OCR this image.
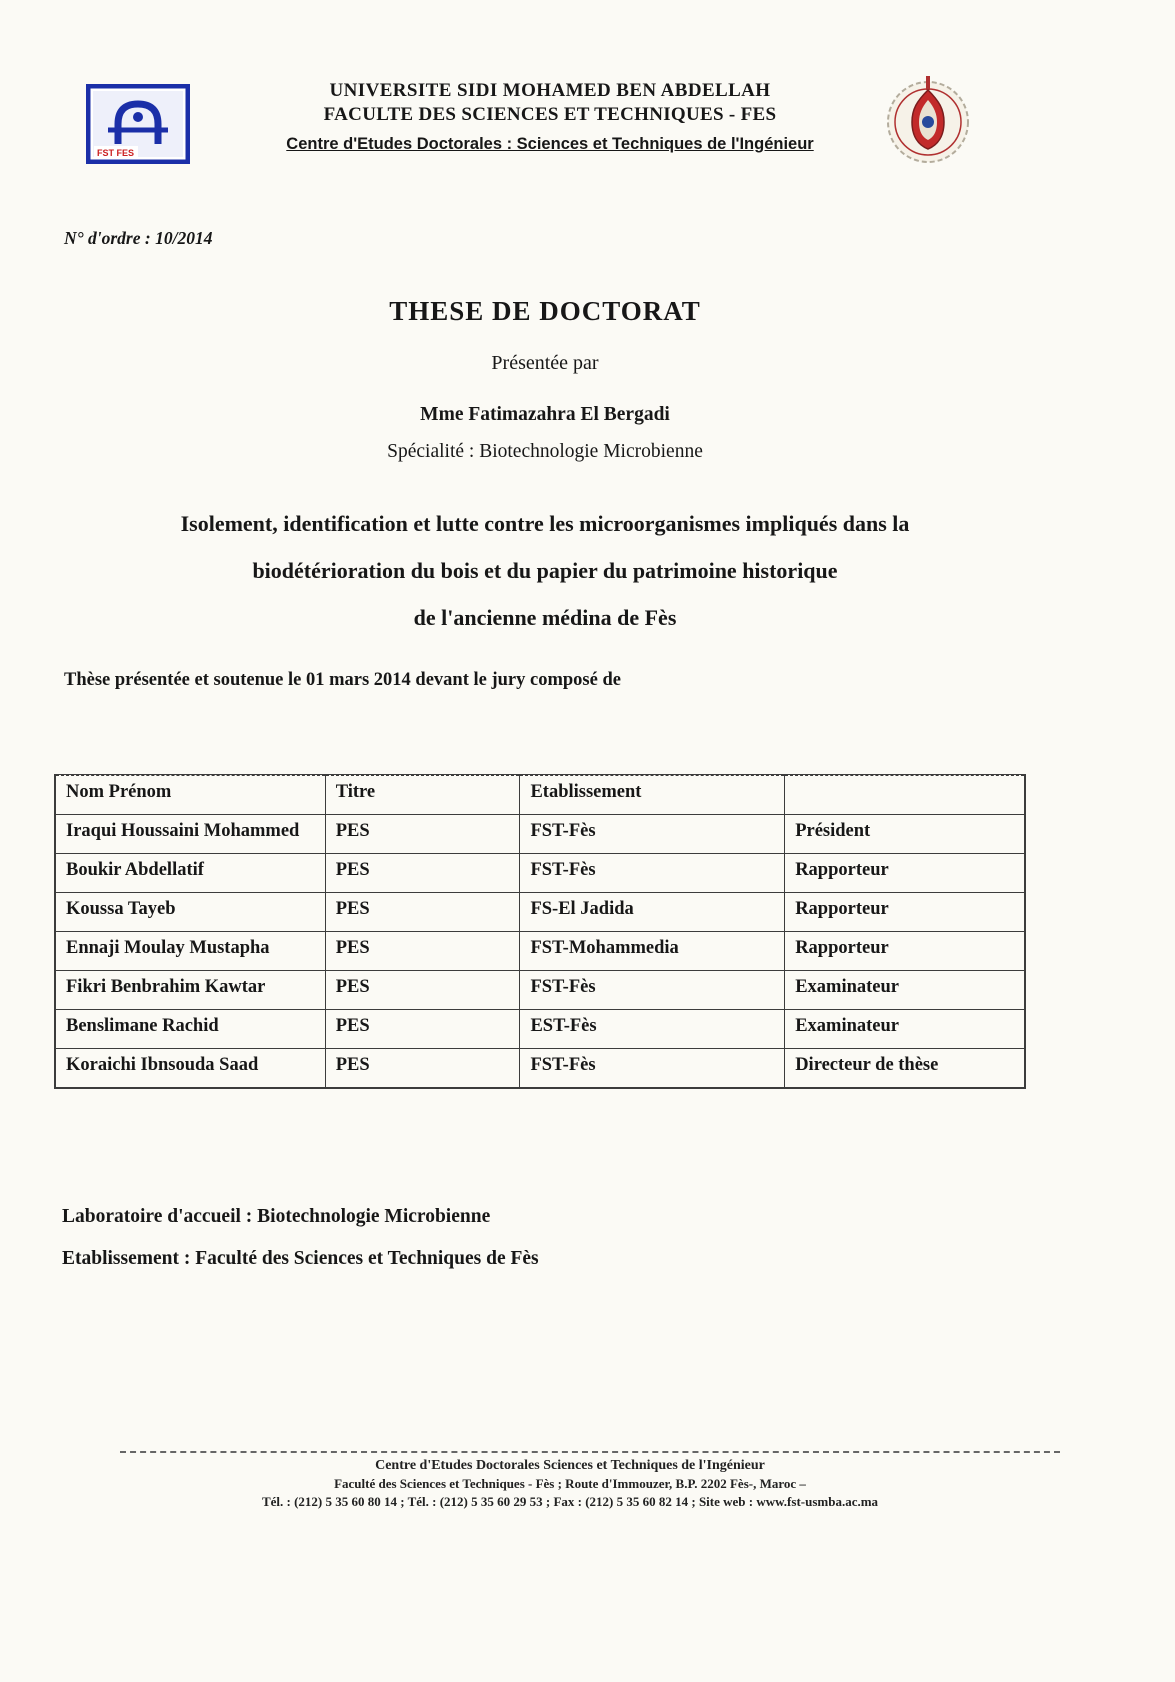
FST FES
UNIVERSITE SIDI MOHAMED BEN ABDELLAH
FACULTE DES SCIENCES ET TECHNIQUES - FES
Centre d'Etudes Doctorales : Sciences et Techniques de l'Ingénieur
N° d'ordre : 10/2014
THESE DE DOCTORAT
Présentée par
Mme Fatimazahra El Bergadi
Spécialité : Biotechnologie Microbienne
Isolement, identification et lutte contre les microorganismes impliqués dans la
biodétérioration du bois et du papier du patrimoine historique
de l'ancienne médina de Fès
Thèse présentée et soutenue le 01 mars 2014 devant le jury composé de
Nom Prénom	Titre	Etablissement	
Iraqui Houssaini Mohammed	PES	FST-Fès	Président
Boukir Abdellatif	PES	FST-Fès	Rapporteur
Koussa Tayeb	PES	FS-El Jadida	Rapporteur
Ennaji Moulay Mustapha	PES	FST-Mohammedia	Rapporteur
Fikri Benbrahim Kawtar	PES	FST-Fès	Examinateur
Benslimane Rachid	PES	EST-Fès	Examinateur
Koraichi Ibnsouda Saad	PES	FST-Fès	Directeur de thèse
Laboratoire d'accueil : Biotechnologie Microbienne
Etablissement : Faculté des Sciences et Techniques de Fès
Centre d'Etudes Doctorales Sciences et Techniques de l'Ingénieur
Faculté des Sciences et Techniques - Fès ; Route d'Immouzer, B.P. 2202 Fès-, Maroc –
Tél. : (212) 5 35 60 80 14 ; Tél. : (212) 5 35 60 29 53 ; Fax : (212) 5 35 60 82 14 ; Site web : www.fst-usmba.ac.ma
